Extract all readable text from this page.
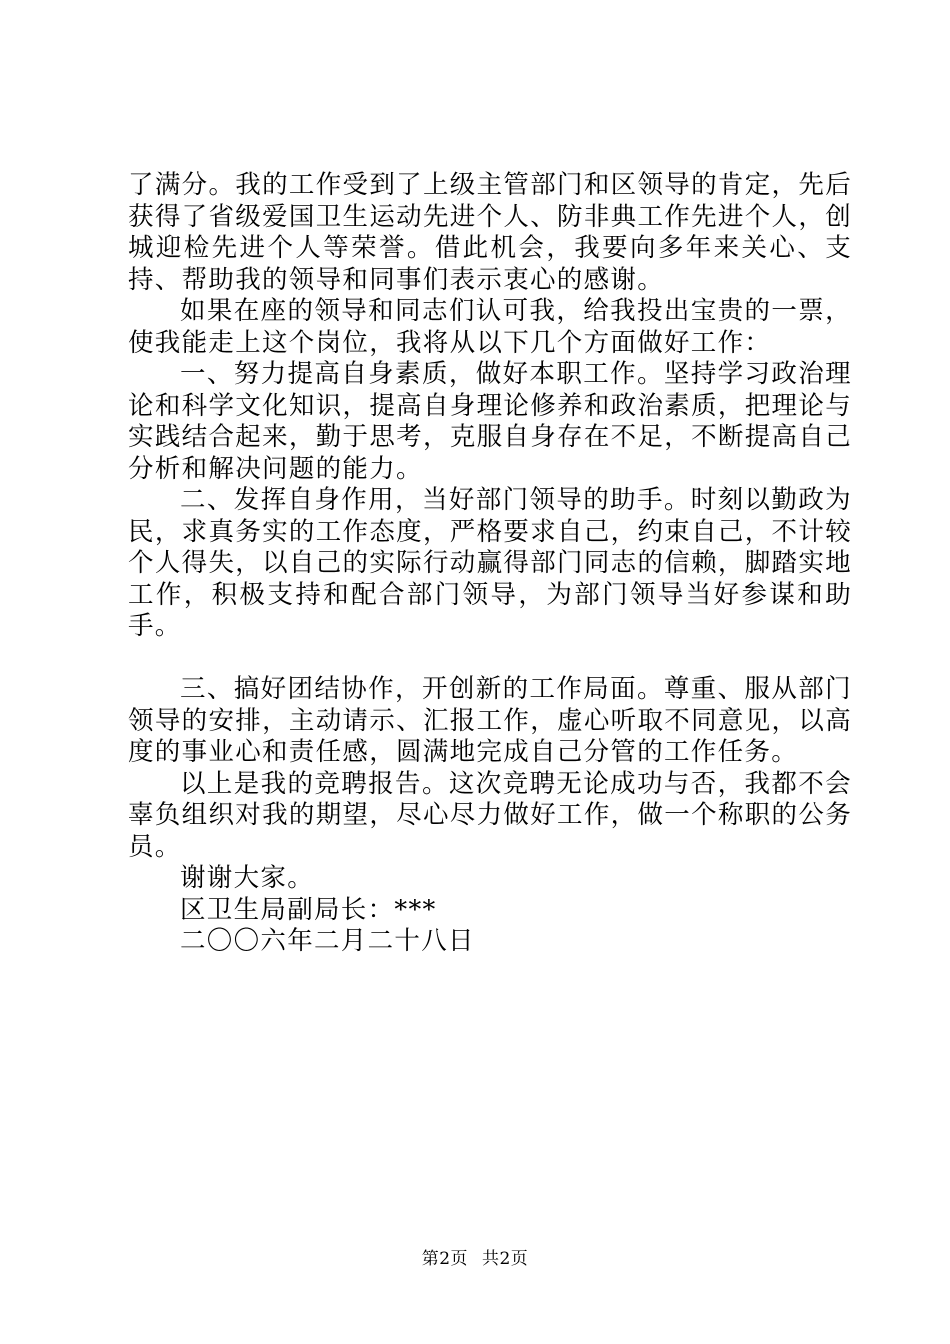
了满分。我的工作受到了上级主管部门和区领导的肯定，先后获得了省级爱国卫生运动先进个人、防非典工作先进个人，创城迎检先进个人等荣誉。借此机会，我要向多年来关心、支持、帮助我的领导和同事们表示衷心的感谢。

如果在座的领导和同志们认可我，给我投出宝贵的一票，使我能走上这个岗位，我将从以下几个方面做好工作：

一、努力提高自身素质，做好本职工作。坚持学习政治理论和科学文化知识，提高自身理论修养和政治素质，把理论与实践结合起来，勤于思考，克服自身存在不足，不断提高自己分析和解决问题的能力。

二、发挥自身作用，当好部门领导的助手。时刻以勤政为民，求真务实的工作态度，严格要求自己，约束自己，不计较个人得失，以自己的实际行动赢得部门同志的信赖，脚踏实地工作，积极支持和配合部门领导，为部门领导当好参谋和助手。

三、搞好团结协作，开创新的工作局面。尊重、服从部门领导的安排，主动请示、汇报工作，虚心听取不同意见，以高度的事业心和责任感，圆满地完成自己分管的工作任务。

以上是我的竞聘报告。这次竞聘无论成功与否，我都不会辜负组织对我的期望，尽心尽力做好工作，做一个称职的公务员。

谢谢大家。

区卫生局副局长：***

二〇〇六年二月二十八日

第2页 共2页
